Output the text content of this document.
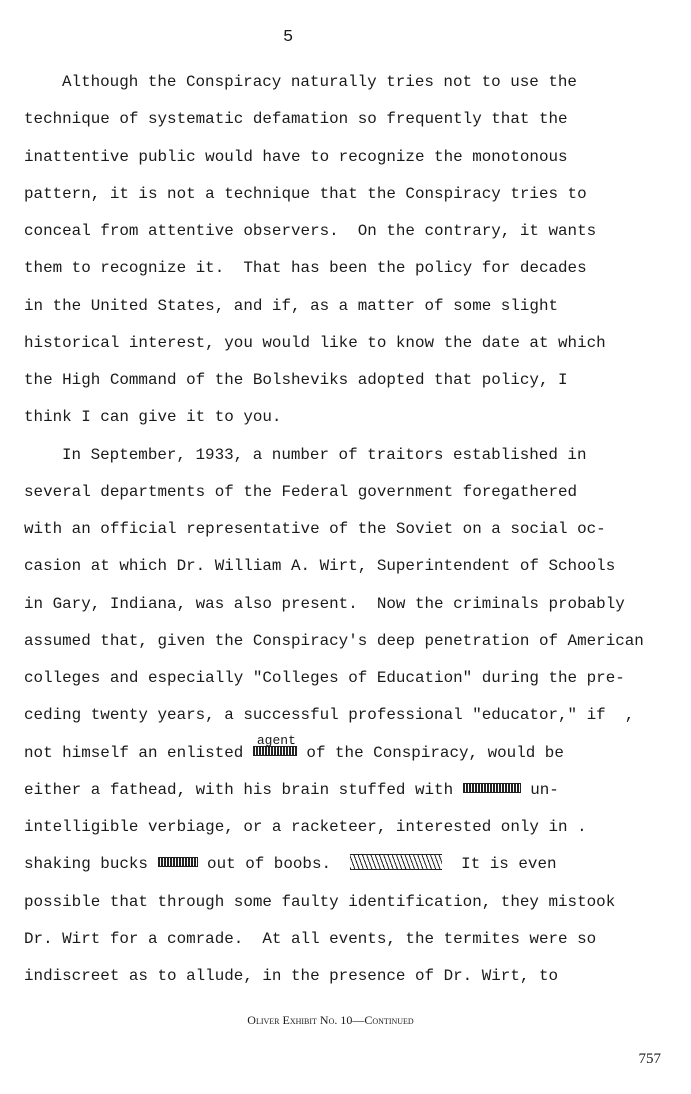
5
Although the Conspiracy naturally tries not to use the
technique of systematic defamation so frequently that the
inattentive public would have to recognize the monotonous
pattern, it is not a technique that the Conspiracy tries to
conceal from attentive observers.  On the contrary, it wants
them to recognize it.  That has been the policy for decades
in the United States, and if, as a matter of some slight
historical interest, you would like to know the date at which
the High Command of the Bolsheviks adopted that policy, I
think I can give it to you.
In September, 1933, a number of traitors established in
several departments of the Federal government foregathered
with an official representative of the Soviet on a social oc-
casion at which Dr. William A. Wirt, Superintendent of Schools
in Gary, Indiana, was also present.  Now the criminals probably
assumed that, given the Conspiracy's deep penetration of American
colleges and especially "Colleges of Education" during the pre-
ceding twenty years, a successful professional "educator," if  ,
not himself an enlisted
agent
of the Conspiracy, would be
either a fathead, with his brain stuffed with	un-
intelligible verbiage, or a racketeer, interested only in .
shaking bucks	out of boobs.	It is even
possible that through some faulty identification, they mistook
Dr. Wirt for a comrade.  At all events, the termites were so
indiscreet as to allude, in the presence of Dr. Wirt, to
Oliver Exhibit No. 10—Continued
757
